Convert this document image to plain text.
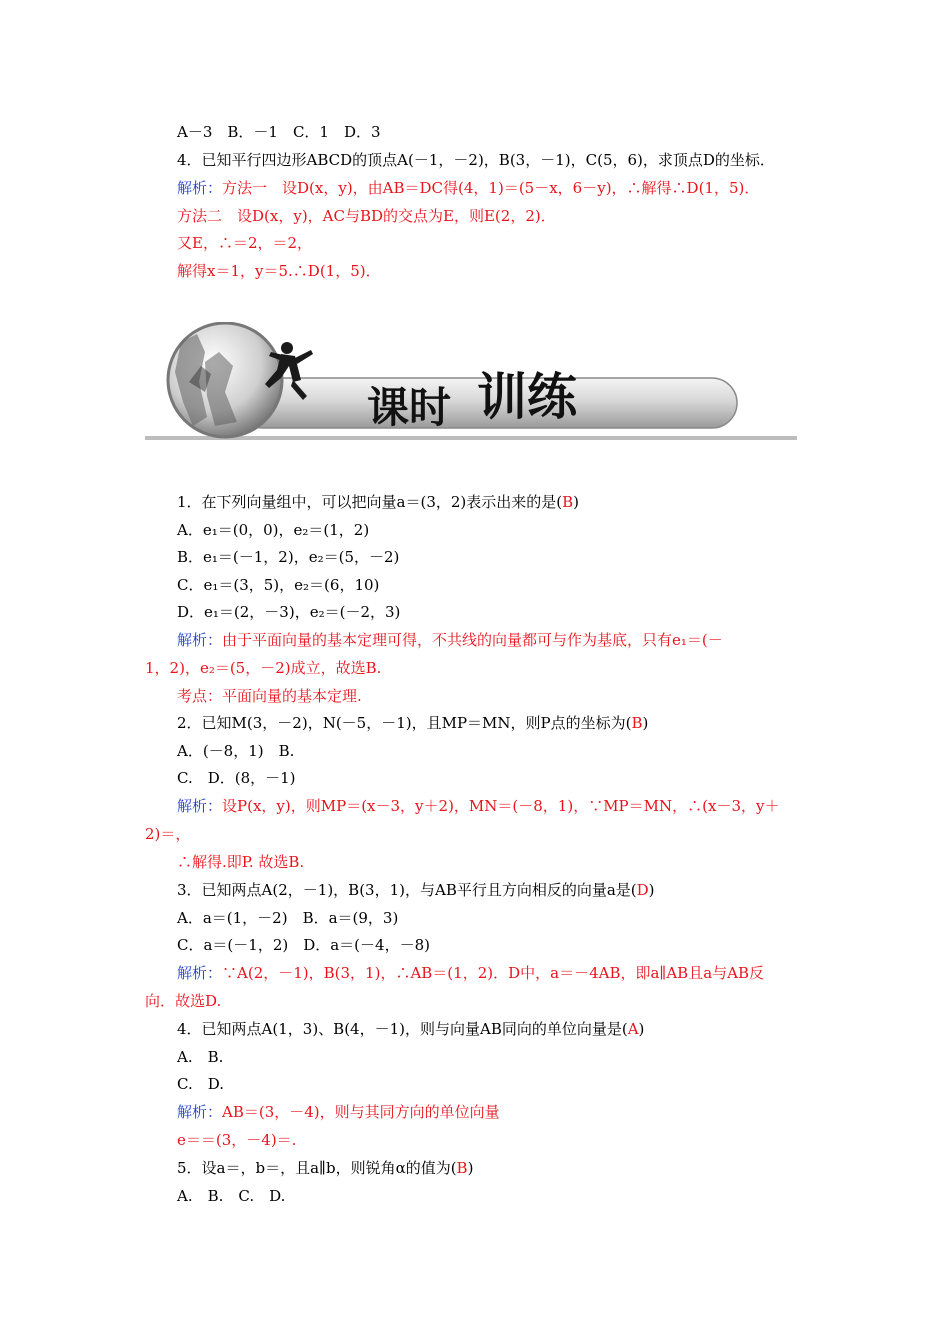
A－3　B．－1　C．1　D．3
4．已知平行四边形ABCD的顶点A(－1，－2)，B(3，－1)，C(5，6)，求顶点D的坐标．
解析：方法一　设D(x，y)，由AB＝DC得(4，1)＝(5－x，6－y)，∴解得∴D(1，5)．
方法二　设D(x，y)，AC与BD的交点为E，则E(2，2)．
又E，∴＝2，＝2，
解得x＝1，y＝5.∴D(1，5)．
课时 训练
1．在下列向量组中，可以把向量a＝(3，2)表示出来的是(B)
A．e₁＝(0，0)，e₂＝(1，2)
B．e₁＝(－1，2)，e₂＝(5，－2)
C．e₁＝(3，5)，e₂＝(6，10)
D．e₁＝(2，－3)，e₂＝(－2，3)
解析：由于平面向量的基本定理可得，不共线的向量都可与作为基底，只有e₁＝(－
1，2)，e₂＝(5，－2)成立，故选B.
考点：平面向量的基本定理.
2．已知M(3，－2)，N(－5，－1)，且MP＝MN，则P点的坐标为(B)
A．(－8，1)　B.
C.　D．(8，－1)
解析：设P(x，y)，则MP＝(x－3，y＋2)，MN＝(－8，1)，∵MP＝MN，∴(x－3，y＋
2)＝，
∴解得.即P. 故选B.
3．已知两点A(2，－1)，B(3，1)，与AB平行且方向相反的向量a是(D)
A．a＝(1，－2)　B．a＝(9，3)
C．a＝(－1，2)　D．a＝(－4，－8)
解析：∵A(2，－1)，B(3，1)，∴AB＝(1，2)．D中，a＝－4AB，即a∥AB且a与AB反
向．故选D.
4．已知两点A(1，3)、B(4，－1)，则与向量AB同向的单位向量是(A)
A.　B.
C.　D.
解析：AB＝(3，－4)，则与其同方向的单位向量
e＝＝(3，－4)＝.
5．设a＝，b＝，且a∥b，则锐角α的值为(B)
A.　B.　C.　D.
